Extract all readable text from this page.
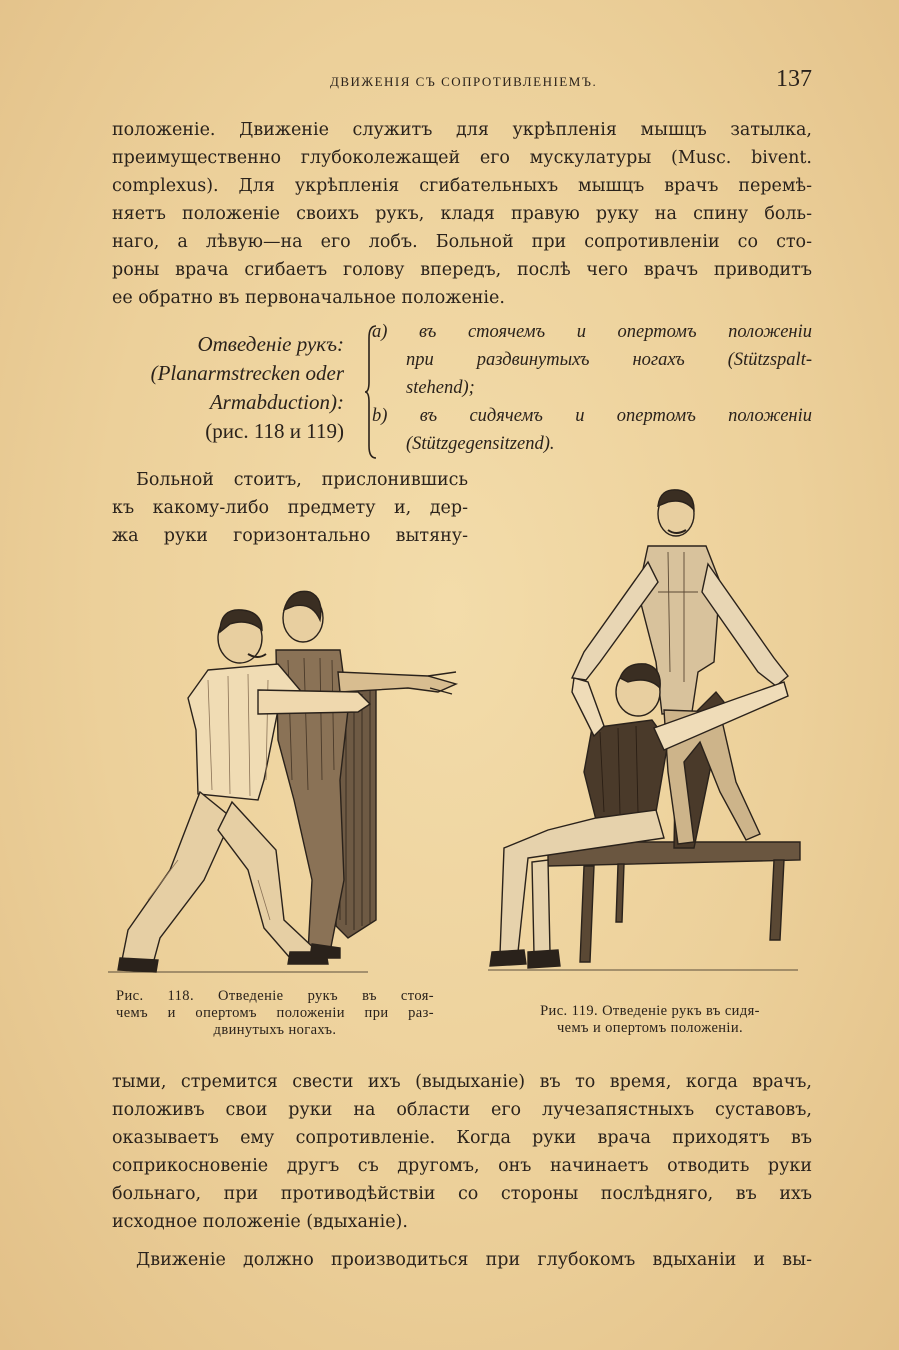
ДВИЖЕНІЯ СЪ СОПРОТИВЛЕНІЕМЪ.	137
положеніе. Движеніе служитъ для укрѣпленія мышцъ затылка,
преимущественно глубоколежащей его мускулатуры (Musc. bivent.
complexus). Для укрѣпленія сгибательныхъ мышцъ врачъ перемѣ-
няетъ положеніе своихъ рукъ, кладя правую руку на спину боль-
наго, а лѣвую—на его лобъ. Больной при сопротивленіи со сто-
роны врача сгибаетъ голову впередъ, послѣ чего врачъ приводитъ
ее обратно въ первоначальное положеніе.
Отведеніе рукъ:
(Planarmstrecken oder
Armabduction):
(рис. 118 и 119)
a) въ стоячемъ и опертомъ положеніи
при раздвинутыхъ ногахъ (Stützspalt-
stehend);
b) въ сидячемъ и опертомъ положеніи
(Stützgegensitzend).
Больной стоитъ, прислонившись
къ какому-либо предмету и, дер-
жа руки горизонтально вытяну-
Рис. 118. Отведеніе рукъ въ стоя-
чемъ и опертомъ положеніи при раз-
двинутыхъ ногахъ.
Рис. 119. Отведеніе рукъ въ сидя-
чемъ и опертомъ положеніи.
тыми, стремится свести ихъ (выдыханіе) въ то время, когда врачъ,
положивъ свои руки на области его лучезапястныхъ суставовъ,
оказываетъ ему сопротивленіе. Когда руки врача приходятъ въ
соприкосновеніе другъ съ другомъ, онъ начинаетъ отводить руки
больнаго, при противодѣйствіи со стороны послѣдняго, въ ихъ
исходное положеніе (вдыханіе).
Движеніе должно производиться при глубокомъ вдыханіи и вы-
